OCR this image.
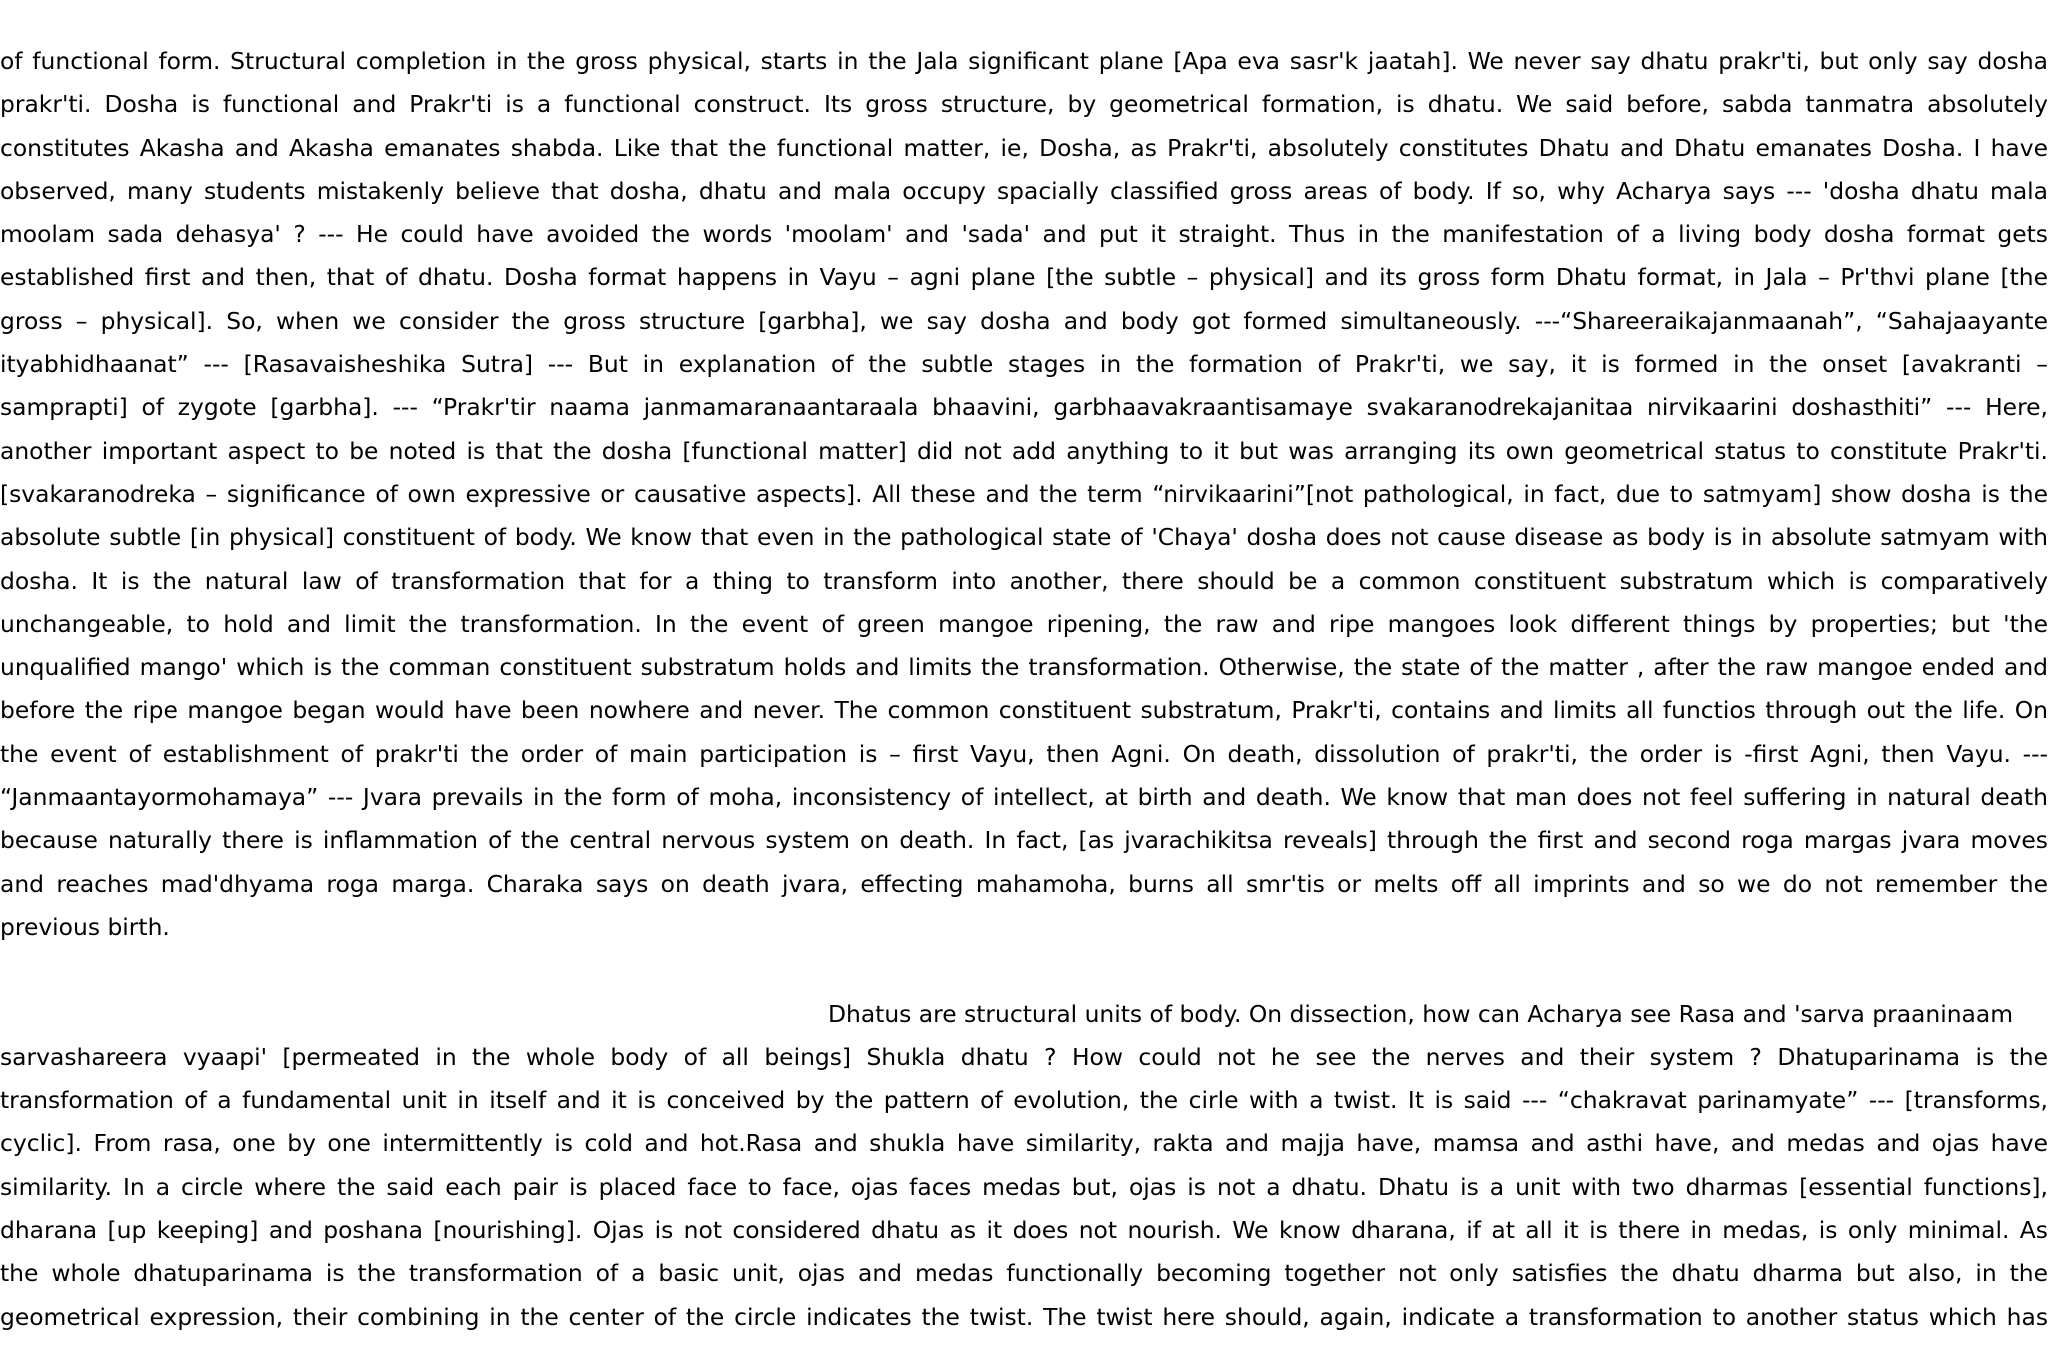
of functional form. Structural completion in the gross physical, starts in the Jala significant plane [Apa eva sasr'k jaatah]. We never say dhatu prakr'ti, but only say dosha
prakr'ti. Dosha is functional and Prakr'ti is a functional construct. Its gross structure, by geometrical formation, is dhatu. We said before, sabda tanmatra absolutely
constitutes Akasha and Akasha emanates shabda. Like that the functional matter, ie, Dosha, as Prakr'ti, absolutely constitutes Dhatu and Dhatu emanates Dosha. I have
observed, many students mistakenly believe that dosha, dhatu and mala occupy spacially classified gross areas of body. If so, why Acharya says --- 'dosha dhatu mala
moolam sada dehasya' ? --- He could have avoided the words 'moolam' and 'sada' and put it straight. Thus in the manifestation of a living body dosha format gets
established first and then, that of dhatu. Dosha format happens in Vayu – agni plane [the subtle – physical] and its gross form Dhatu format, in Jala – Pr'thvi plane [the
gross – physical]. So, when we consider the gross structure [garbha], we say dosha and body got formed simultaneously. ---“Shareeraikajanmaanah”, “Sahajaayante
ityabhidhaanat” --- [Rasavaisheshika Sutra] --- But in explanation of the subtle stages in the formation of Prakr'ti, we say, it is formed in the onset [avakranti –
samprapti] of zygote [garbha]. --- “Prakr'tir naama janmamaranaantaraala bhaavini, garbhaavakraantisamaye svakaranodrekajanitaa nirvikaarini doshasthiti” --- Here,
another important aspect to be noted is that the dosha [functional matter] did not add anything to it but was arranging its own geometrical status to constitute Prakr'ti.
[svakaranodreka – significance of own expressive or causative aspects]. All these and the term “nirvikaarini”[not pathological, in fact, due to satmyam] show dosha is the
absolute subtle [in physical] constituent of body. We know that even in the pathological state of 'Chaya' dosha does not cause disease as body is in absolute satmyam with
dosha. It is the natural law of transformation that for a thing to transform into another, there should be a common constituent substratum which is comparatively
unchangeable, to hold and limit the transformation. In the event of green mangoe ripening, the raw and ripe mangoes look different things by properties; but 'the
unqualified mango' which is the comman constituent substratum holds and limits the transformation. Otherwise, the state of the matter , after the raw mangoe ended and
before the ripe mangoe began would have been nowhere and never. The common constituent substratum, Prakr'ti, contains and limits all functios through out the life. On
the event of establishment of prakr'ti the order of main participation is – first Vayu, then Agni. On death, dissolution of prakr'ti, the order is -first Agni, then Vayu. ---
“Janmaantayormohamaya” --- Jvara prevails in the form of moha, inconsistency of intellect, at birth and death. We know that man does not feel suffering in natural death
because naturally there is inflammation of the central nervous system on death. In fact, [as jvarachikitsa reveals] through the first and second roga margas jvara moves
and reaches mad'dhyama roga marga. Charaka says on death jvara, effecting mahamoha, burns all smr'tis or melts off all imprints and so we do not remember the
previous birth.
Dhatus are structural units of body. On dissection, how can Acharya see Rasa and 'sarva praaninaam
sarvashareera vyaapi' [permeated in the whole body of all beings] Shukla dhatu ? How could not he see the nerves and their system ? Dhatuparinama is the
transformation of a fundamental unit in itself and it is conceived by the pattern of evolution, the cirle with a twist. It is said --- “chakravat parinamyate” --- [transforms,
cyclic]. From rasa, one by one intermittently is cold and hot.Rasa and shukla have similarity, rakta and majja have, mamsa and asthi have, and medas and ojas have
similarity. In a circle where the said each pair is placed face to face, ojas faces medas but, ojas is not a dhatu. Dhatu is a unit with two dharmas [essential functions],
dharana [up keeping] and poshana [nourishing]. Ojas is not considered dhatu as it does not nourish. We know dharana, if at all it is there in medas, is only minimal. As
the whole dhatuparinama is the transformation of a basic unit, ojas and medas functionally becoming together not only satisfies the dhatu dharma but also, in the
geometrical expression, their combining in the center of the circle indicates the twist. The twist here should, again, indicate a transformation to another status which has
